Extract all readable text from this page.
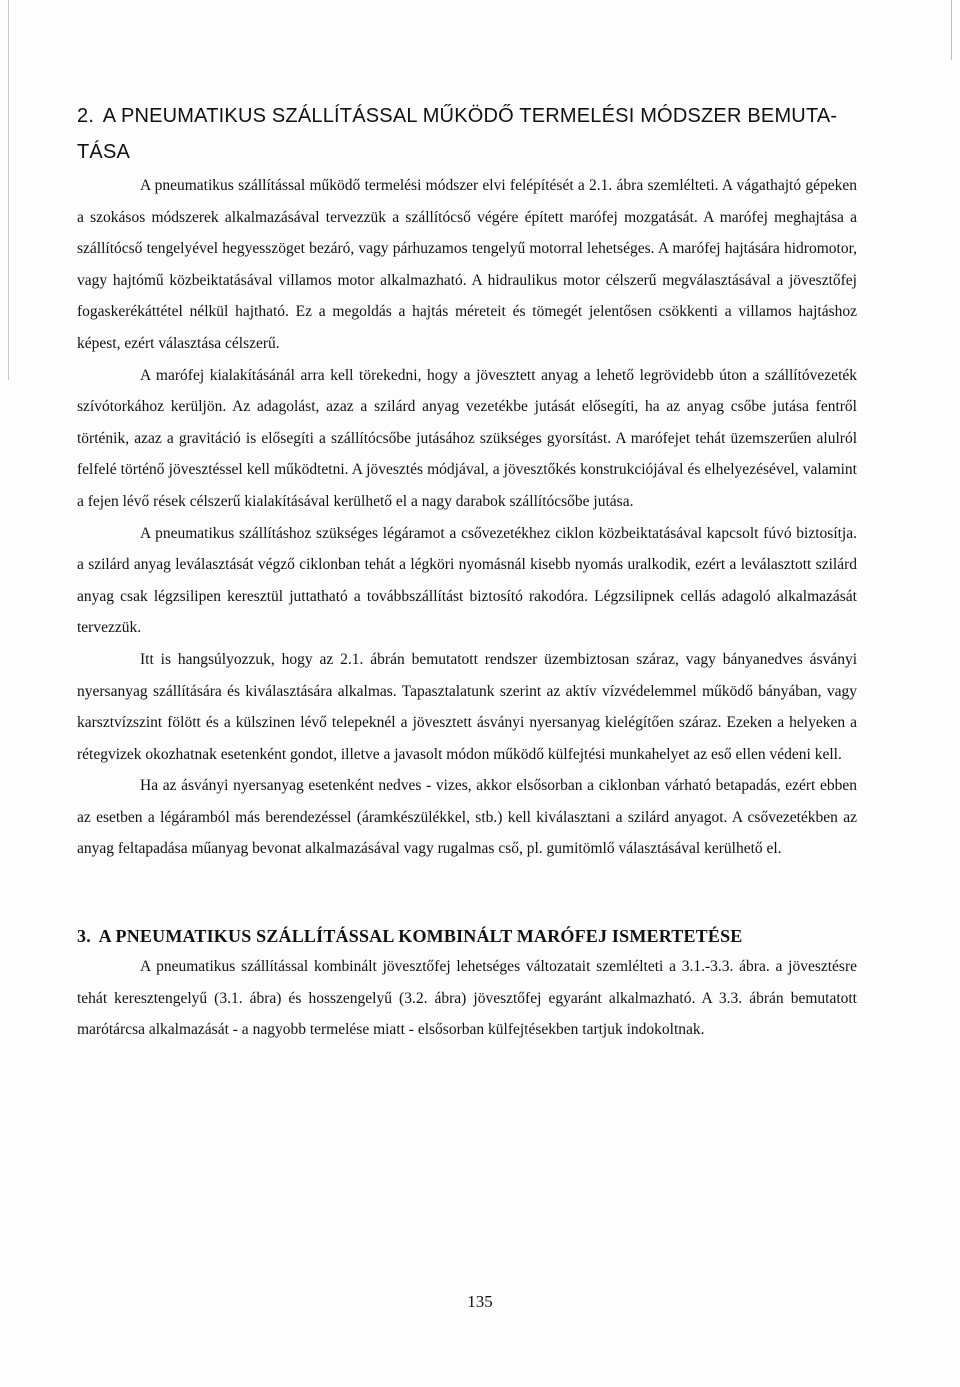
2. A PNEUMATIKUS SZÁLLÍTÁSSAL MŰKÖDŐ TERMELÉSI MÓDSZER BEMUTA-TÁSA

A pneumatikus szállítással működő termelési módszer elvi felépítését a 2.1. ábra szemlélteti. A vágathajtó gépeken a szokásos módszerek alkalmazásával tervezzük a szállítócső végére épített marófej mozgatását. A marófej meghajtása a szállítócső tengelyével hegyesszöget bezáró, vagy párhuzamos tengelyű motorral lehetséges. A marófej hajtására hidromotor, vagy hajtómű közbeiktatásával villamos motor alkalmazható. A hidraulikus motor célszerű megválasztásával a jövesztőfej fogaskerékáttétel nélkül hajtható. Ez a megoldás a hajtás méreteit és tömegét jelentősen csökkenti a villamos hajtáshoz képest, ezért választása célszerű.

A marófej kialakításánál arra kell törekedni, hogy a jövesztett anyag a lehető legrövidebb úton a szállítóvezeték szívótorkához kerüljön. Az adagolást, azaz a szilárd anyag vezetékbe jutását elősegíti, ha az anyag csőbe jutása fentről történik, azaz a gravitáció is elősegíti a szállítócsőbe jutásához szükséges gyorsítást. A marófejet tehát üzemszerűen alulról felfelé történő jövesztéssel kell működtetni. A jövesztés módjával, a jövesztőkés konstrukciójával és elhelyezésével, valamint a fejen lévő rések célszerű kialakításával kerülhető el a nagy darabok szállítócsőbe jutása.

A pneumatikus szállításhoz szükséges légáramot a csővezetékhez ciklon közbeiktatásával kapcsolt fúvó biztosítja. a szilárd anyag leválasztását végző ciklonban tehát a légköri nyomásnál kisebb nyomás uralkodik, ezért a leválasztott szilárd anyag csak légzsilipen keresztül juttatható a továbbszállítást biztosító rakodóra. Légzsilipnek cellás adagoló alkalmazását tervezzük.

Itt is hangsúlyozzuk, hogy az 2.1. ábrán bemutatott rendszer üzembiztosan száraz, vagy bányanedves ásványi nyersanyag szállítására és kiválasztására alkalmas. Tapasztalatunk szerint az aktív vízvédelemmel működő bányában, vagy karsztvízszint fölött és a külszinen lévő telepeknél a jövesztett ásványi nyersanyag kielégítően száraz. Ezeken a helyeken a rétegvizek okozhatnak esetenként gondot, illetve a javasolt módon működő külfejtési munkahelyet az eső ellen védeni kell.

Ha az ásványi nyersanyag esetenként nedves - vizes, akkor elsősorban a ciklonban várható betapadás, ezért ebben az esetben a légáramból más berendezéssel (áramkészülékkel, stb.) kell kiválasztani a szilárd anyagot. A csővezetékben az anyag feltapadása műanyag bevonat alkalmazásával vagy rugalmas cső, pl. gumitömlő választásával kerülhető el.

3. A PNEUMATIKUS SZÁLLÍTÁSSAL KOMBINÁLT MARÓFEJ ISMERTETÉSE

A pneumatikus szállítással kombinált jövesztőfej lehetséges változatait szemlélteti a 3.1.-3.3. ábra. a jövesztésre tehát keresztengelyű (3.1. ábra) és hosszengelyű (3.2. ábra) jövesztőfej egyaránt alkalmazható. A 3.3. ábrán bemutatott marótárcsa alkalmazását - a nagyobb termelése miatt - elsősorban külfejtésekben tartjuk indokoltnak.

135
